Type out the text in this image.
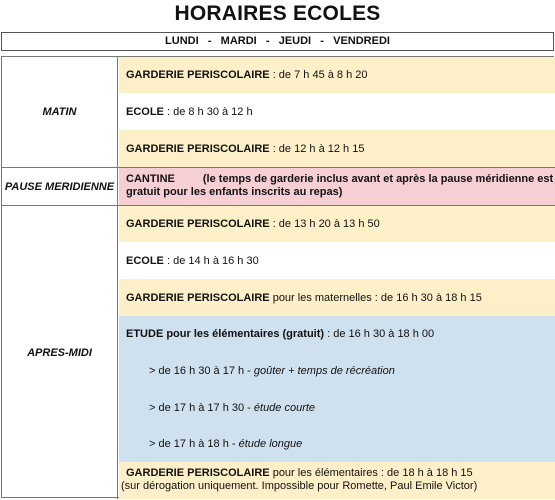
HORAIRES ECOLES
LUNDI   -   MARDI   -   JEUDI   -   VENDREDI
MATIN
GARDERIE PERISCOLAIRE : de 7 h 45 à 8 h 20
ECOLE : de 8 h 30 à 12 h
GARDERIE PERISCOLAIRE : de 12 h à 12 h 15
PAUSE MERIDIENNE
CANTINE	(le temps de garderie inclus avant et après la pause méridienne est gratuit pour les enfants inscrits au repas)
APRES-MIDI
GARDERIE PERISCOLAIRE : de 13 h 20 à 13 h 50
ECOLE : de 14 h à 16 h 30
GARDERIE PERISCOLAIRE pour les maternelles : de 16 h 30 à 18 h 15
ETUDE pour les élémentaires (gratuit) : de 16 h 30 à 18 h 00
> de 16 h 30 à 17 h - goûter + temps de récréation
> de 17 h à 17 h 30 - étude courte
> de 17 h à 18 h - étude longue
GARDERIE PERISCOLAIRE pour les élémentaires : de 18 h à 18 h 15
(sur dérogation uniquement. Impossible pour Romette, Paul Emile Victor)
